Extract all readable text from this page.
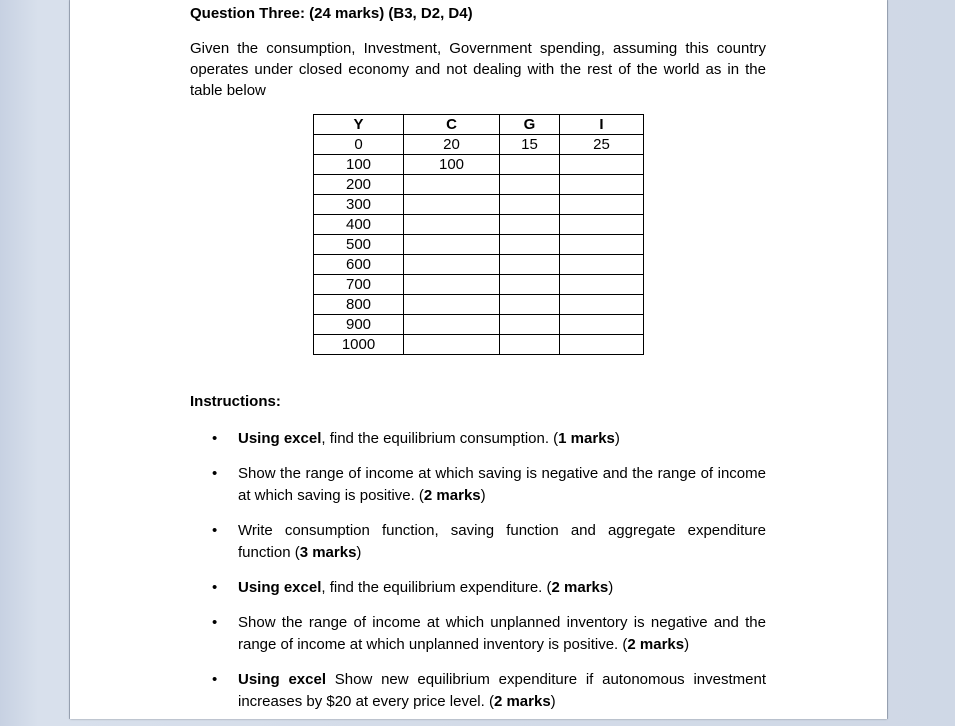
Question Three: (24 marks) (B3, D2, D4)
Given the consumption, Investment, Government spending, assuming this country operates under closed economy and not dealing with the rest of the world as in the table below
Y	C	G	I
0	20	15	25
100	100		
200			
300			
400			
500			
600			
700			
800			
900			
1000			
Instructions:
• Using excel, find the equilibrium consumption. (1 marks)
• Show the range of income at which saving is negative and the range of income at which saving is positive. (2 marks)
• Write consumption function, saving function and aggregate expenditure function (3 marks)
• Using excel, find the equilibrium expenditure. (2 marks)
• Show the range of income at which unplanned inventory is negative and the range of income at which unplanned inventory is positive. (2 marks)
• Using excel Show new equilibrium expenditure if autonomous investment increases by $20 at every price level. (2 marks)
